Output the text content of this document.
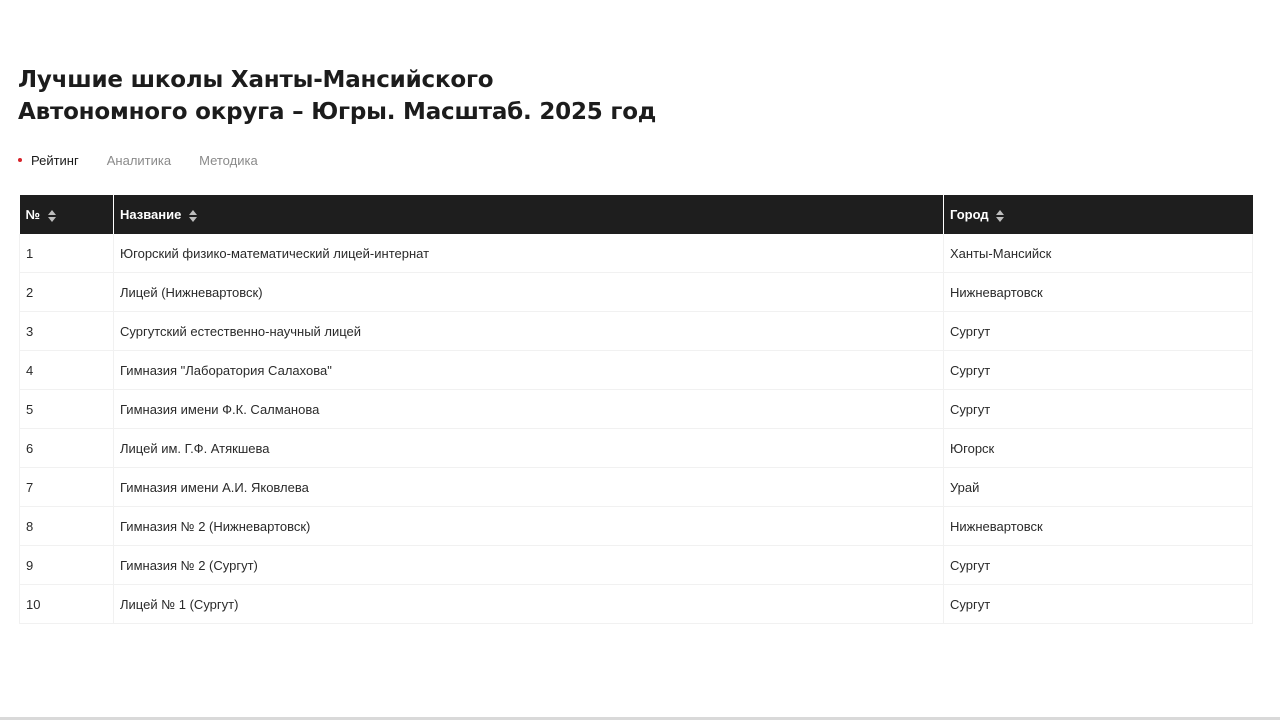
Лучшие школы Ханты-Мансийского Автономного округа – Югры. Масштаб. 2025 год
Рейтинг Аналитика Методика
№	Название	Город
1	Югорский физико-математический лицей-интернат	Ханты-Мансийск
2	Лицей (Нижневартовск)	Нижневартовск
3	Сургутский естественно-научный лицей	Сургут
4	Гимназия "Лаборатория Салахова"	Сургут
5	Гимназия имени Ф.К. Салманова	Сургут
6	Лицей им. Г.Ф. Атякшева	Югорск
7	Гимназия имени А.И. Яковлева	Урай
8	Гимназия № 2 (Нижневартовск)	Нижневартовск
9	Гимназия № 2 (Сургут)	Сургут
10	Лицей № 1 (Сургут)	Сургут
